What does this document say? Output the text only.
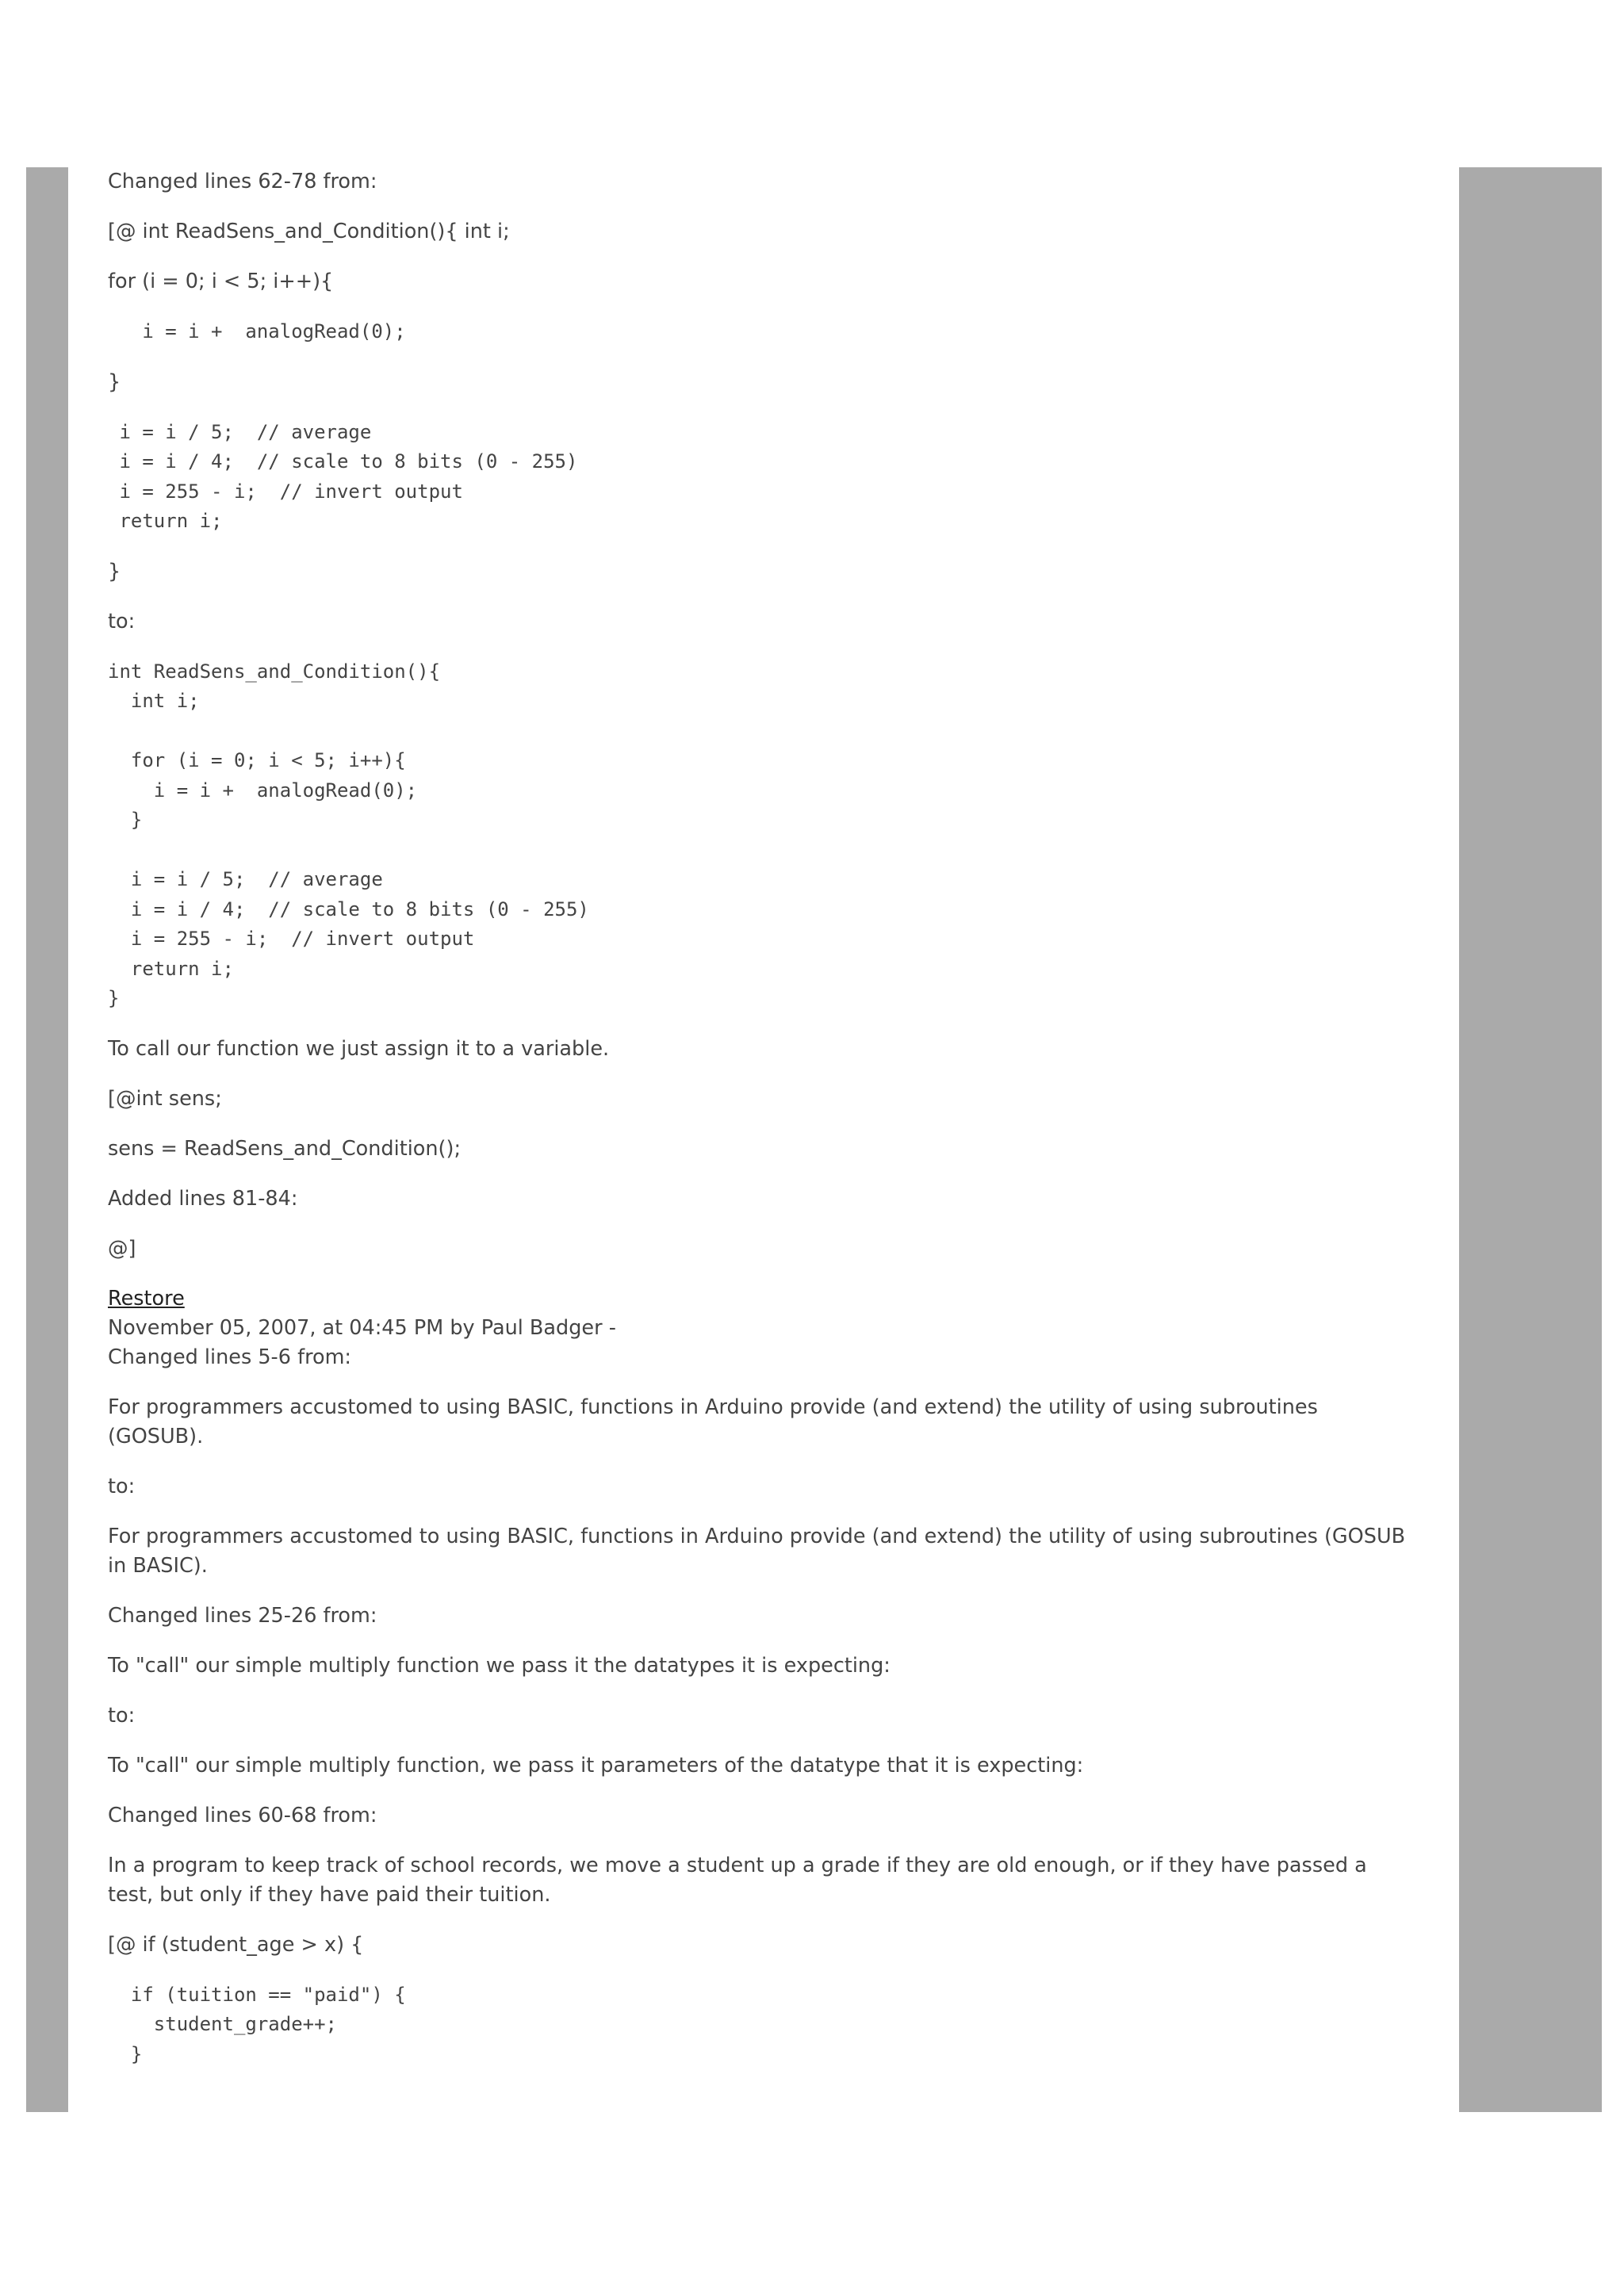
Changed lines 62-78 from:

[@ int ReadSens_and_Condition(){ int i;

for (i = 0; i < 5; i++){

i = i +  analogRead(0);

}

i = i / 5;  // average
i = i / 4;  // scale to 8 bits (0 - 255)
i = 255 - i;  // invert output
return i;

}

to:

int ReadSens_and_Condition(){
int i;

for (i = 0; i < 5; i++){
i = i +  analogRead(0);
}

i = i / 5;  // average
i = i / 4;  // scale to 8 bits (0 - 255)
i = 255 - i;  // invert output
return i;
}

To call our function we just assign it to a variable.

[@int sens;

sens = ReadSens_and_Condition();

Added lines 81-84:

@]

Restore

November 05, 2007, at 04:45 PM by Paul Badger -

Changed lines 5-6 from:

For programmers accustomed to using BASIC, functions in Arduino provide (and extend) the utility of using subroutines (GOSUB).

to:

For programmers accustomed to using BASIC, functions in Arduino provide (and extend) the utility of using subroutines (GOSUB in BASIC).

Changed lines 25-26 from:

To "call" our simple multiply function we pass it the datatypes it is expecting:

to:

To "call" our simple multiply function, we pass it parameters of the datatype that it is expecting:

Changed lines 60-68 from:

In a program to keep track of school records, we move a student up a grade if they are old enough, or if they have passed a test, but only if they have paid their tuition.

[@ if (student_age > x) {

if (tuition == "paid") {
student_grade++;
}
